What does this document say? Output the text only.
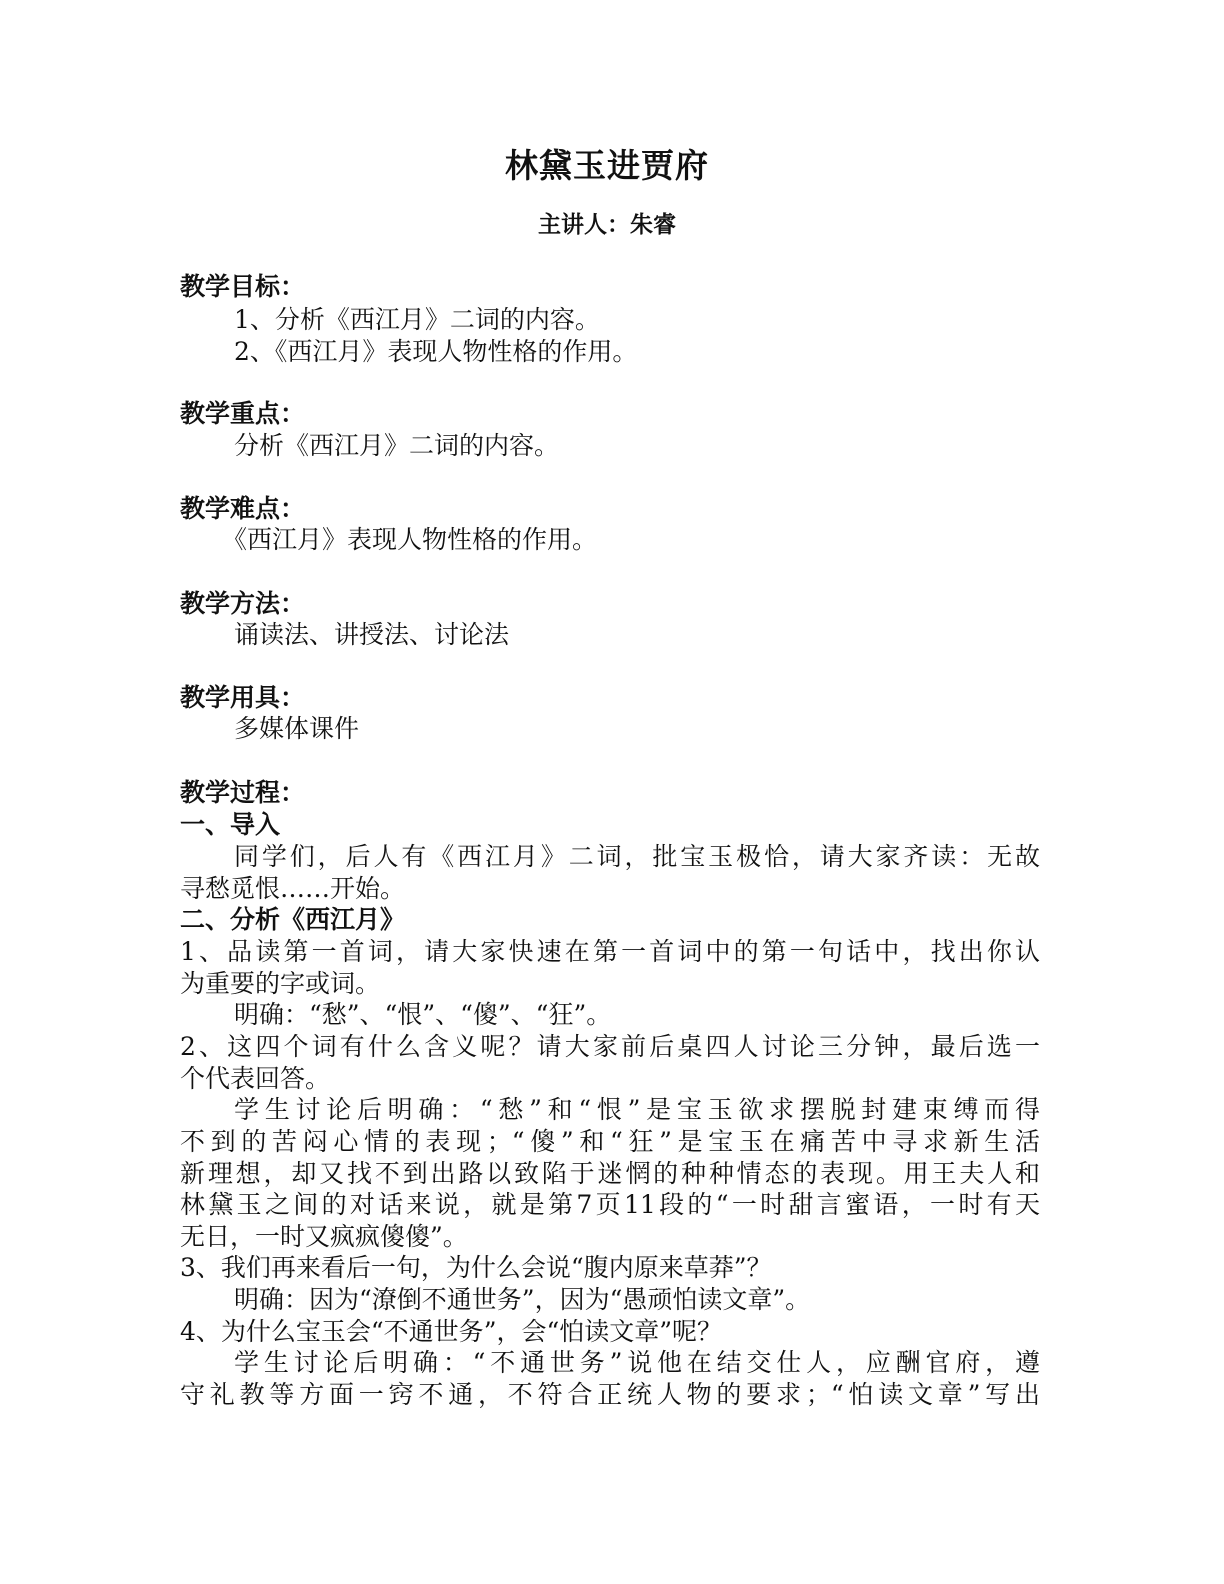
林黛玉进贾府
主讲人：朱睿
教学目标：
1、分析《西江月》二词的内容。
2、《西江月》表现人物性格的作用。
教学重点：
分析《西江月》二词的内容。
教学难点：
《西江月》表现人物性格的作用。
教学方法：
诵读法、讲授法、讨论法
教学用具：
多媒体课件
教学过程：
一、导入
同学们，后人有《西江月》二词，批宝玉极恰，请大家齐读：无故
寻愁觅恨……开始。
二、分析《西江月》
1、品读第一首词，请大家快速在第一首词中的第一句话中，找出你认
为重要的字或词。
明确：“愁”、“恨”、“傻”、“狂”。
2、这四个词有什么含义呢？请大家前后桌四人讨论三分钟，最后选一
个代表回答。
学生讨论后明确：“愁”和“恨”是宝玉欲求摆脱封建束缚而得
不到的苦闷心情的表现；“傻”和“狂”是宝玉在痛苦中寻求新生活
新理想，却又找不到出路以致陷于迷惘的种种情态的表现。用王夫人和
林黛玉之间的对话来说，就是第7页11段的“一时甜言蜜语，一时有天
无日，一时又疯疯傻傻”。
3、我们再来看后一句，为什么会说“腹内原来草莽”？
明确：因为“潦倒不通世务”，因为“愚顽怕读文章”。
4、为什么宝玉会“不通世务”，会“怕读文章”呢？
学生讨论后明确：“不通世务”说他在结交仕人，应酬官府，遵
守礼教等方面一窍不通，不符合正统人物的要求；“怕读文章”写出
